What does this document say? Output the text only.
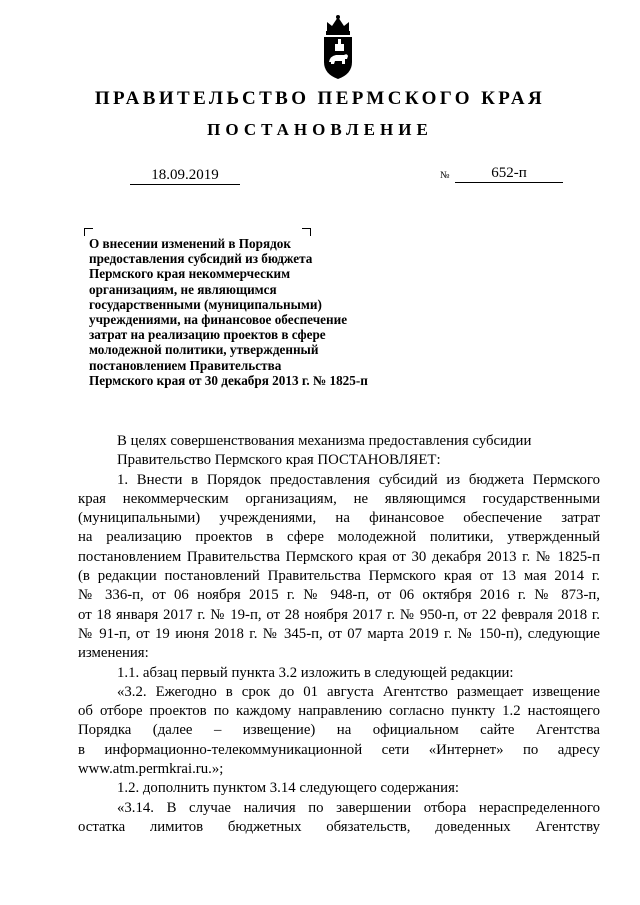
ПРАВИТЕЛЬСТВО ПЕРМСКОГО КРАЯ
ПОСТАНОВЛЕНИЕ
18.09.2019	№	652-п
О внесении изменений в Порядок
предоставления субсидий из бюджета
Пермского края некоммерческим
организациям, не являющимся
государственными (муниципальными)
учреждениями, на финансовое обеспечение
затрат на реализацию проектов в сфере
молодежной политики, утвержденный
постановлением Правительства
Пермского края от 30 декабря 2013 г. № 1825-п
В целях совершенствования механизма предоставления субсидии
Правительство Пермского края ПОСТАНОВЛЯЕТ:
1. Внести в Порядок предоставления субсидий из бюджета Пермского
края некоммерческим организациям, не являющимся государственными
(муниципальными) учреждениями, на финансовое обеспечение затрат
на реализацию проектов в сфере молодежной политики, утвержденный
постановлением Правительства Пермского края от 30 декабря 2013 г. № 1825-п
(в редакции постановлений Правительства Пермского края от 13 мая 2014 г.
№ 336-п, от 06 ноября 2015 г. № 948-п, от 06 октября 2016 г. № 873-п,
от 18 января 2017 г. № 19-п, от 28 ноября 2017 г. № 950-п, от 22 февраля 2018 г.
№ 91-п, от 19 июня 2018 г. № 345-п, от 07 марта 2019 г. № 150-п), следующие
изменения:
1.1. абзац первый пункта 3.2 изложить в следующей редакции:
«3.2. Ежегодно в срок до 01 августа Агентство размещает извещение
об отборе проектов по каждому направлению согласно пункту 1.2 настоящего
Порядка (далее – извещение) на официальном сайте Агентства
в информационно-телекоммуникационной сети «Интернет» по адресу
www.atm.permkrai.ru.»;
1.2. дополнить пунктом 3.14 следующего содержания:
«3.14. В случае наличия по завершении отбора нераспределенного
остатка лимитов бюджетных обязательств, доведенных Агентству
